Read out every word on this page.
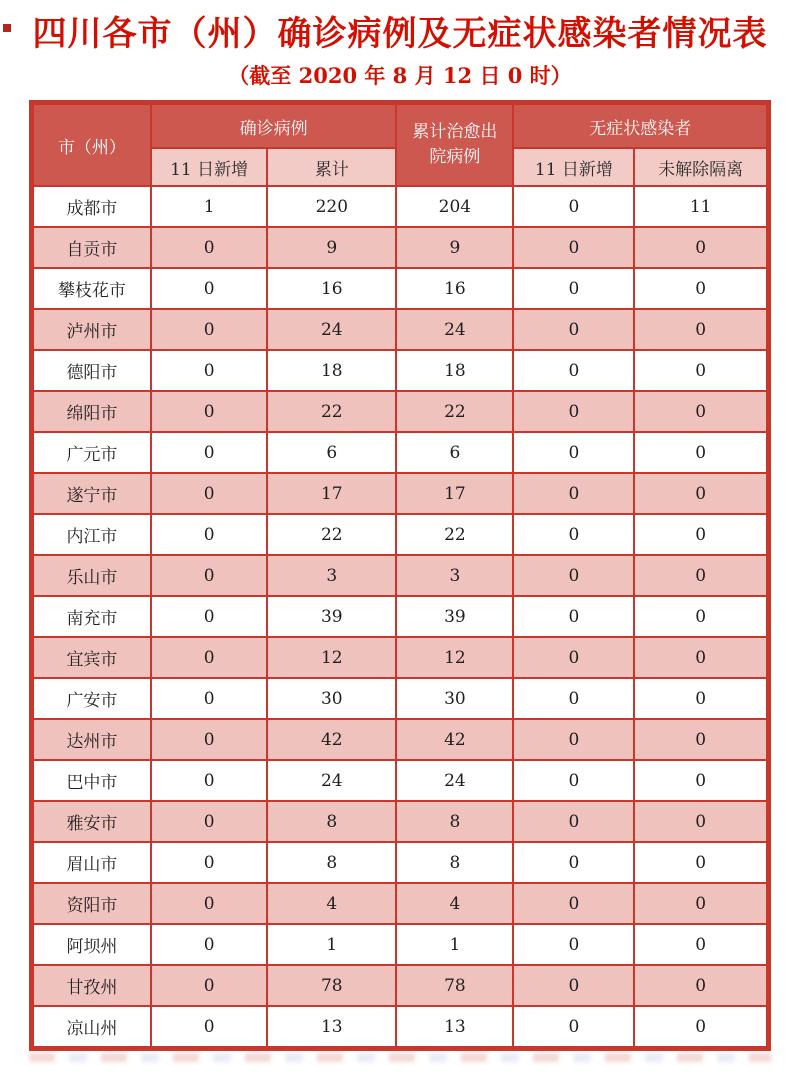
四川各市（州）确诊病例及无症状感染者情况表
（截至 2020 年 8 月 12 日 0 时）
市（州）	确诊病例		累计治愈出院病例	无症状感染者	
	11 日新增	累计		11 日新增	未解除隔离
成都市	1	220	204	0	11
自贡市	0	9	9	0	0
攀枝花市	0	16	16	0	0
泸州市	0	24	24	0	0
德阳市	0	18	18	0	0
绵阳市	0	22	22	0	0
广元市	0	6	6	0	0
遂宁市	0	17	17	0	0
内江市	0	22	22	0	0
乐山市	0	3	3	0	0
南充市	0	39	39	0	0
宜宾市	0	12	12	0	0
广安市	0	30	30	0	0
达州市	0	42	42	0	0
巴中市	0	24	24	0	0
雅安市	0	8	8	0	0
眉山市	0	8	8	0	0
资阳市	0	4	4	0	0
阿坝州	0	1	1	0	0
甘孜州	0	78	78	0	0
凉山州	0	13	13	0	0
